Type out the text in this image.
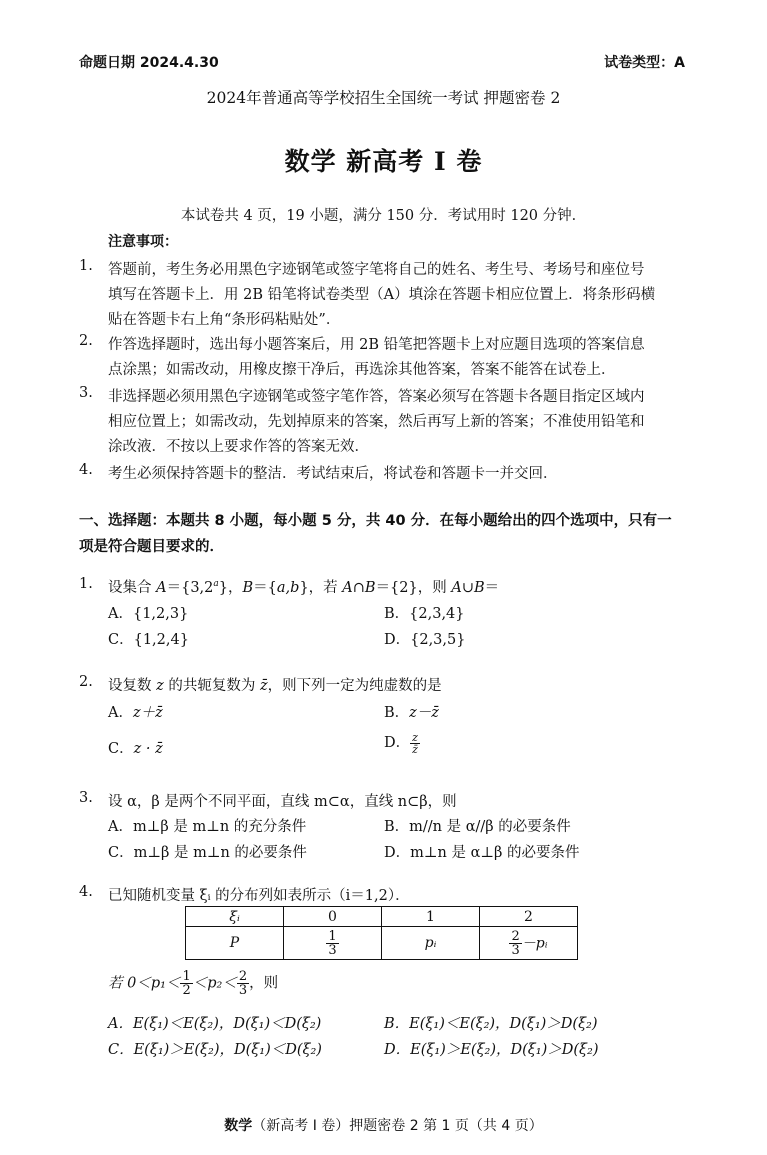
命题日期 2024.4.30	试卷类型：A
2024年普通高等学校招生全国统一考试 押题密卷 2
数学 新高考 I 卷
本试卷共 4 页，19 小题，满分 150 分．考试用时 120 分钟．
注意事项：
1. 答题前，考生务必用黑色字迹钢笔或签字笔将自己的姓名、考生号、考场号和座位号
填写在答题卡上．用 2B 铅笔将试卷类型（A）填涂在答题卡相应位置上．将条形码横
贴在答题卡右上角“条形码粘贴处”．
2. 作答选择题时，选出每小题答案后，用 2B 铅笔把答题卡上对应题目选项的答案信息
点涂黑；如需改动，用橡皮擦干净后，再选涂其他答案，答案不能答在试卷上．
3. 非选择题必须用黑色字迹钢笔或签字笔作答，答案必须写在答题卡各题目指定区域内
相应位置上；如需改动，先划掉原来的答案，然后再写上新的答案；不准使用铅笔和
涂改液．不按以上要求作答的答案无效．
4. 考生必须保持答题卡的整洁．考试结束后，将试卷和答题卡一并交回．
一、选择题：本题共 8 小题，每小题 5 分，共 40 分．在每小题给出的四个选项中，只有一
项是符合题目要求的．
1. 设集合 A＝{3,2$^a$}，B＝{a,b}，若 A∩B＝{2}，则 A∪B＝
A．{1,2,3}	B．{2,3,4}
C．{1,2,4}	D．{2,3,5}
2. 设复数 z 的共轭复数为 z̄，则下列一定为纯虚数的是
A．z＋z̄	B．z－z̄
C．z · z̄	D． $\frac{z}{z̄}$
3. 设 α，β 是两个不同平面，直线 m⊂α，直线 n⊂β，则
A．m⊥β 是 m⊥n 的充分条件	B．m//n 是 α//β 的必要条件
C．m⊥β 是 m⊥n 的必要条件	D．m⊥n 是 α⊥β 的必要条件
4. 已知随机变量 ξᵢ 的分布列如表所示（i＝1,2）．
ξᵢ	0	1	2
P	$\frac{1}{3}$	pᵢ	$\frac{2}{3}$ －pᵢ
若 $0<p_1< \frac{1}{2} <p_2< \frac{2}{3}$ ，则
A．E(ξ₁)＜E(ξ₂)，D(ξ₁)＜D(ξ₂)	B．E(ξ₁)＜E(ξ₂)，D(ξ₁)＞D(ξ₂)
C．E(ξ₁)＞E(ξ₂)，D(ξ₁)＜D(ξ₂)	D．E(ξ₁)＞E(ξ₂)，D(ξ₁)＞D(ξ₂)
数学（新高考 I 卷）押题密卷 2 第 1 页（共 4 页）
